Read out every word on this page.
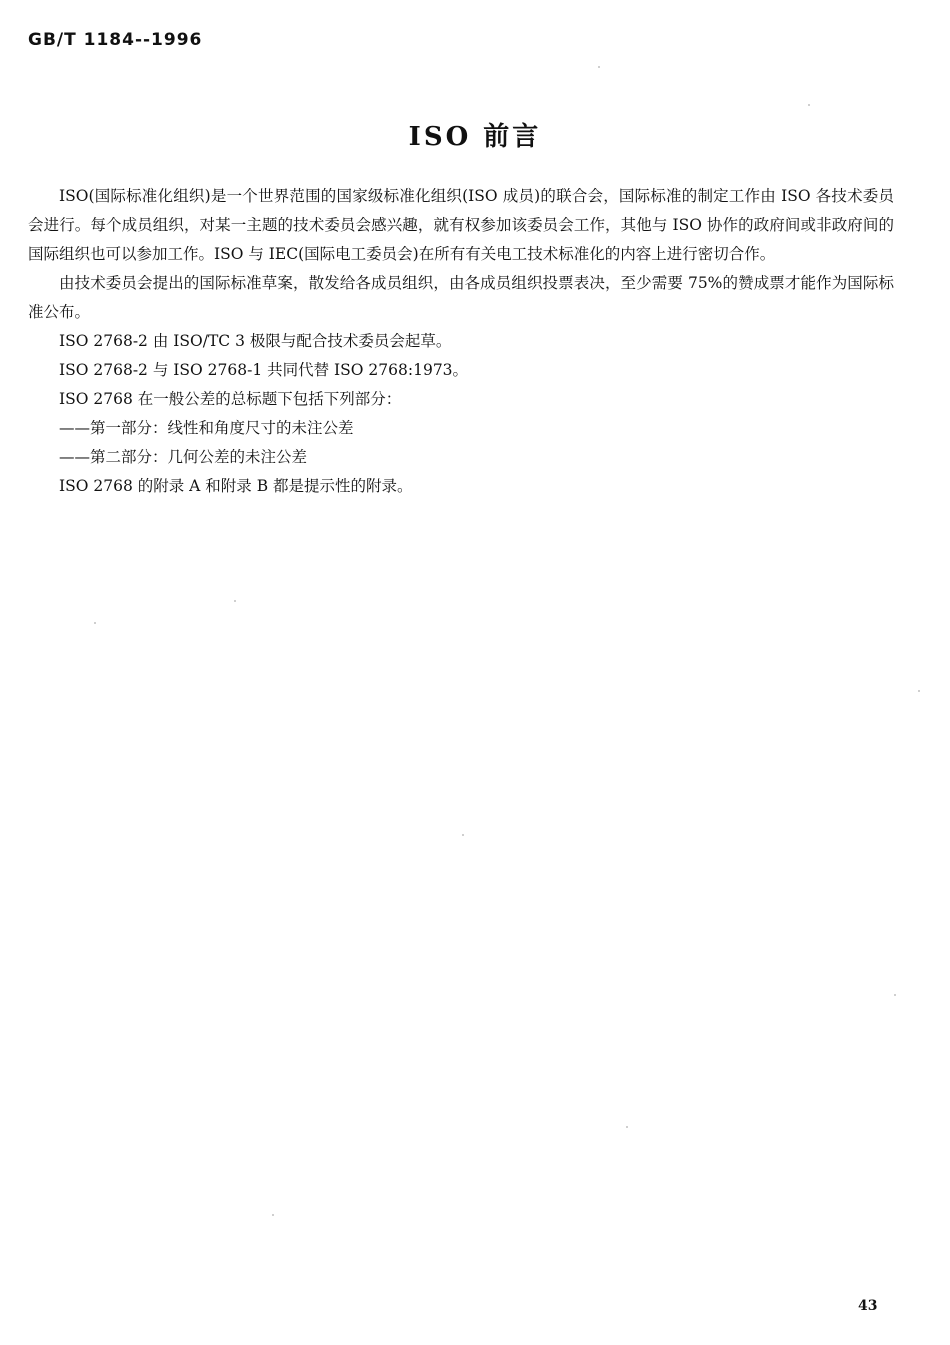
GB/T 1184--1996
ISO 前言

ISO(国际标准化组织)是一个世界范围的国家级标准化组织(ISO 成员)的联合会，国际标准的制定工作由 ISO 各技术委员会进行。每个成员组织，对某一主题的技术委员会感兴趣，就有权参加该委员会工作，其他与 ISO 协作的政府间或非政府间的国际组织也可以参加工作。ISO 与 IEC(国际电工委员会)在所有有关电工技术标准化的内容上进行密切合作。

由技术委员会提出的国际标准草案，散发给各成员组织，由各成员组织投票表决，至少需要 75%的赞成票才能作为国际标准公布。

ISO 2768-2 由 ISO/TC 3 极限与配合技术委员会起草。

ISO 2768-2 与 ISO 2768-1 共同代替 ISO 2768:1973。

ISO 2768 在一般公差的总标题下包括下列部分：

——第一部分：线性和角度尺寸的未注公差

——第二部分：几何公差的未注公差

ISO 2768 的附录 A 和附录 B 都是提示性的附录。

43
